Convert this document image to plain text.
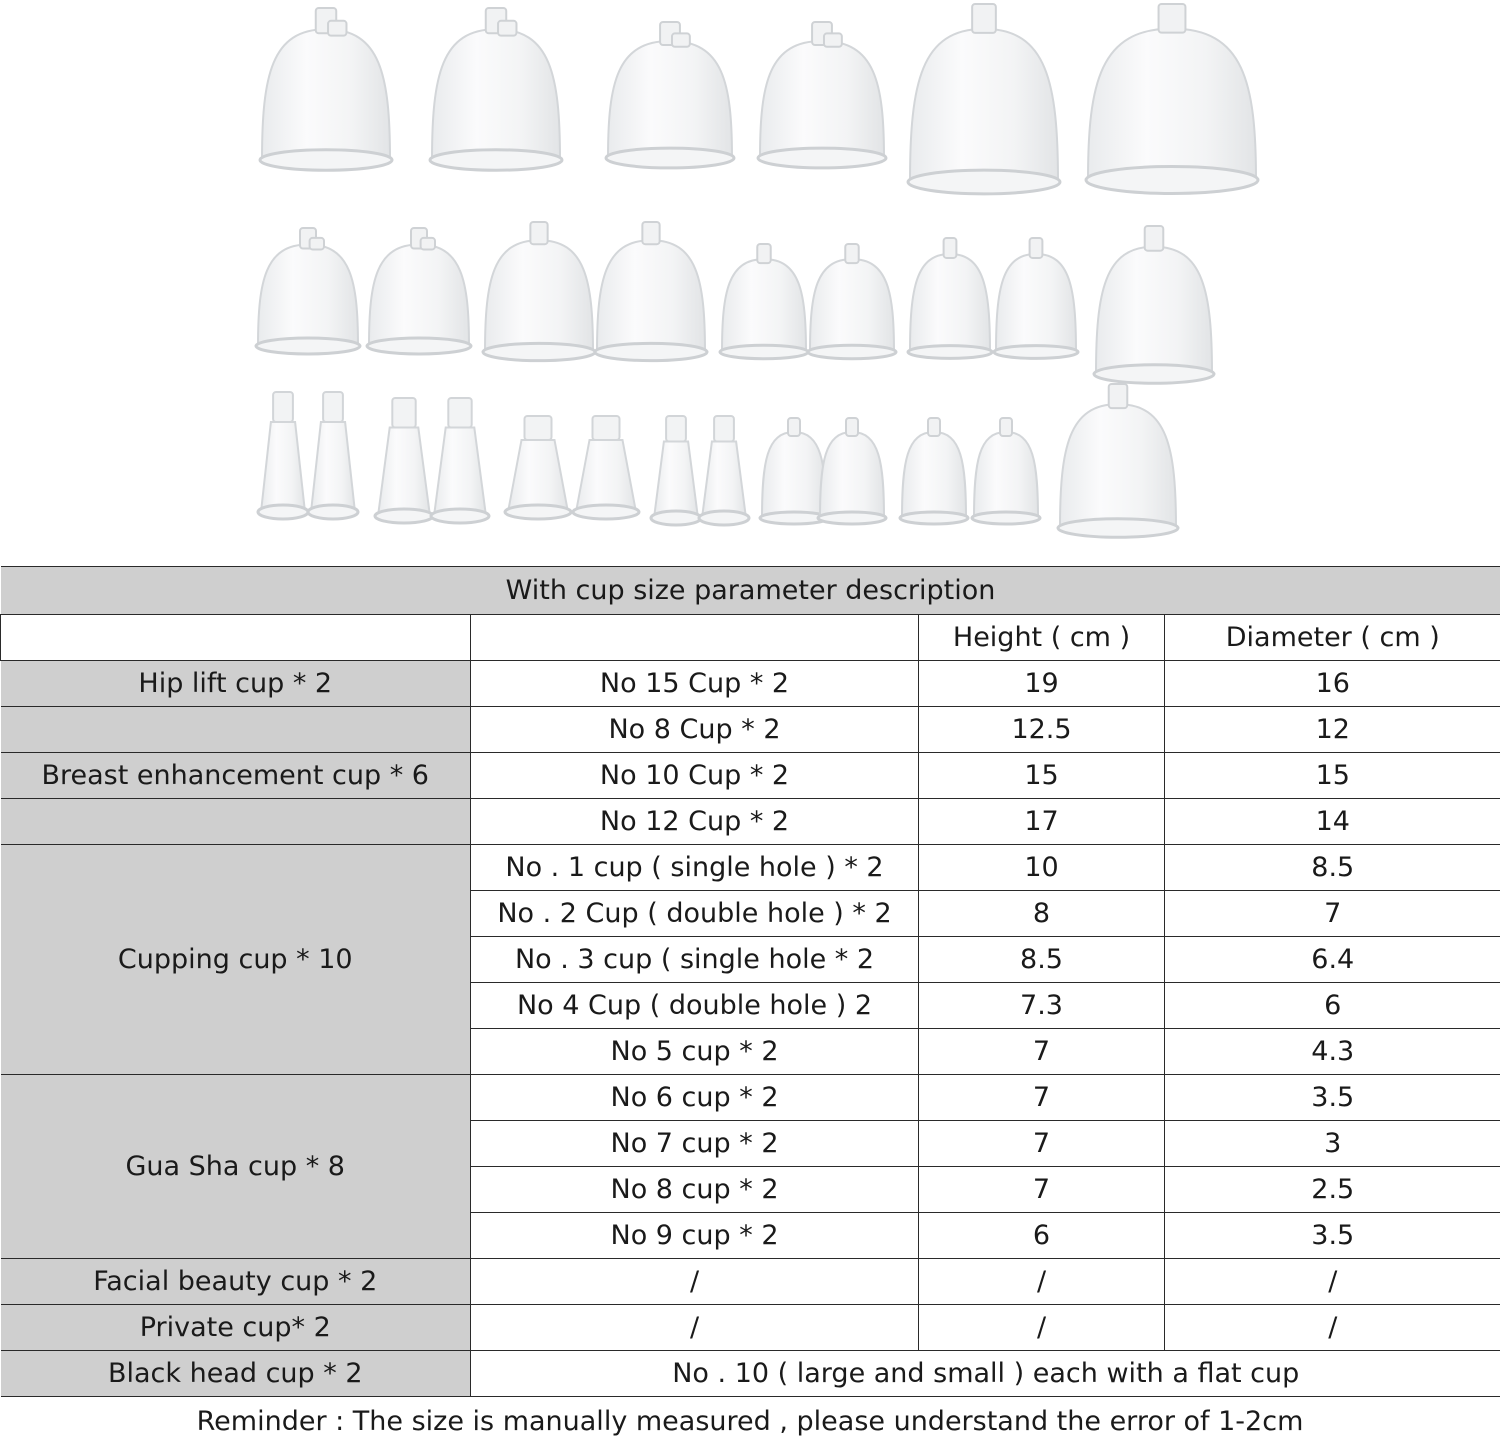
With cup size parameter description			
		Height ( cm )	Diameter ( cm )
Hip lift cup * 2	No 15 Cup * 2	19	16
	No 8 Cup * 2	12.5	12
Breast enhancement cup * 6	No 10 Cup * 2	15	15
	No 12 Cup * 2	17	14
Cupping cup * 10	No . 1 cup ( single hole ) * 2	10	8.5
	No . 2 Cup ( double hole ) * 2	8	7
	No . 3 cup ( single hole * 2	8.5	6.4
	No 4 Cup ( double hole ) 2	7.3	6
	No 5 cup * 2	7	4.3
Gua Sha cup * 8	No 6 cup * 2	7	3.5
	No 7 cup * 2	7	3
	No 8 cup * 2	7	2.5
	No 9 cup * 2	6	3.5
Facial beauty cup * 2	/	/	/
Private cup* 2	/	/	/
Black head cup * 2	No . 10 ( large and small ) each with a flat cup		
Reminder : The size is manually measured , please understand the error of 1-2cm
